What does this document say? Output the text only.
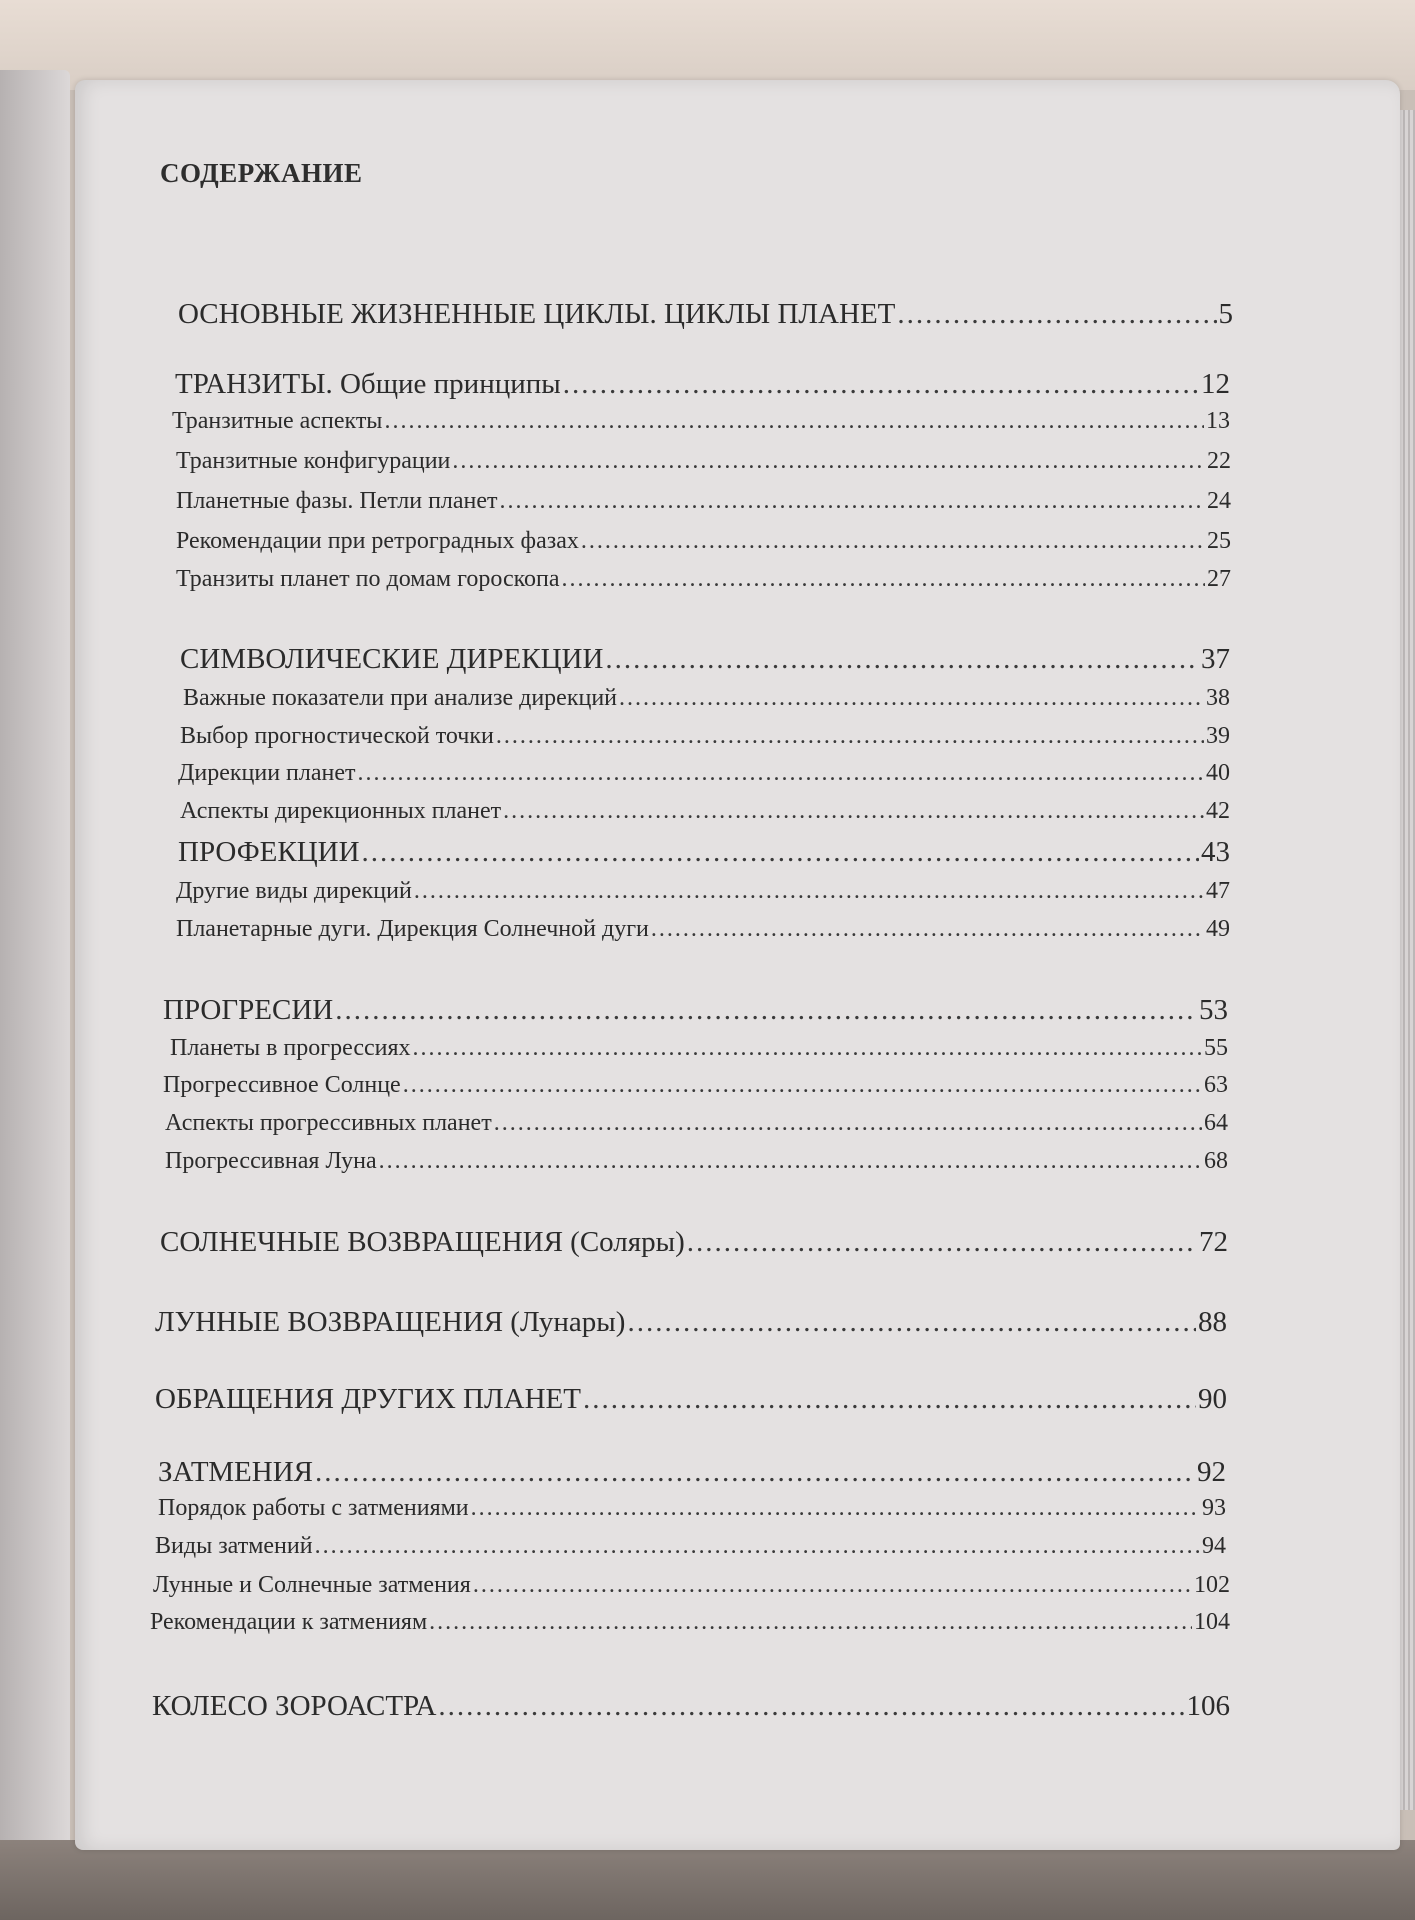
СОДЕРЖАНИЕ
ОСНОВНЫЕ ЖИЗНЕННЫЕ ЦИКЛЫ. ЦИКЛЫ ПЛАНЕТ .....	5
ТРАНЗИТЫ. Общие принципы .....	12
Транзитные аспекты .....	13
Транзитные конфигурации .....	22
Планетные фазы. Петли планет .....	24
Рекомендации при ретроградных фазах .....	25
Транзиты планет по домам гороскопа .....	27
СИМВОЛИЧЕСКИЕ ДИРЕКЦИИ .....	37
Важные показатели при анализе дирекций .....	38
Выбор прогностической точки .....	39
Дирекции планет .....	40
Аспекты дирекционных планет .....	42
ПРОФЕКЦИИ .....	43
Другие виды дирекций .....	47
Планетарные дуги. Дирекция Солнечной дуги .....	49
ПРОГРЕСИИ .....	53
Планеты в прогрессиях .....	55
Прогрессивное Солнце .....	63
Аспекты прогрессивных планет .....	64
Прогрессивная Луна .....	68
СОЛНЕЧНЫЕ ВОЗВРАЩЕНИЯ (Соляры) .....	72
ЛУННЫЕ ВОЗВРАЩЕНИЯ (Лунары) .....	88
ОБРАЩЕНИЯ ДРУГИХ ПЛАНЕТ .....	90
ЗАТМЕНИЯ .....	92
Порядок работы с затмениями .....	93
Виды затмений .....	94
Лунные и Солнечные затмения .....	102
Рекомендации к затмениям .....	104
КОЛЕСО ЗОРОАСТРА .....	106
